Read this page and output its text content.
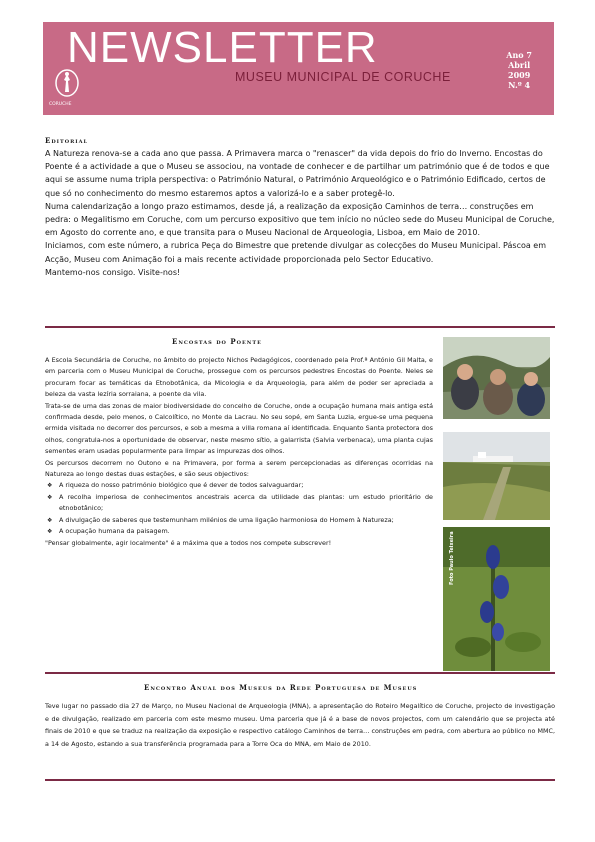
NEWSLETTER
MUSEU MUNICIPAL DE CORUCHE
Ano 7
Abril
2009
N.º 4
CORUCHE
Editorial

A Natureza renova-se a cada ano que passa. A Primavera marca o "renascer" da vida depois do frio do Inverno. Encostas do Poente é a actividade a que o Museu se associou, na vontade de conhecer e de partilhar um património que é de todos e que aqui se assume numa tripla perspectiva: o Património Natural, o Património Arqueológico e o Património Edificado, certos de que só no conhecimento do mesmo estaremos aptos a valorizá-lo e a saber protegê-lo.

Numa calendarização a longo prazo estimamos, desde já, a realização da exposição Caminhos de terra… construções em pedra: o Megalitismo em Coruche, com um percurso expositivo que tem início no núcleo sede do Museu Municipal de Coruche, em Agosto do corrente ano, e que transita para o Museu Nacional de Arqueologia, Lisboa, em Maio de 2010.

Iniciamos, com este número, a rubrica Peça do Bimestre que pretende divulgar as colecções do Museu Municipal. Páscoa em Acção, Museu com Animação foi a mais recente actividade proporcionada pelo Sector Educativo.

Mantemo-nos consigo. Visite-nos!

Encostas do Poente

A Escola Secundária de Coruche, no âmbito do projecto Nichos Pedagógicos, coordenado pela Prof.ª António Gil Malta, e em parceria com o Museu Municipal de Coruche, prossegue com os percursos pedestres Encostas do Poente. Neles se procuram focar as temáticas da Etnobotânica, da Micologia e da Arqueologia, para além de poder ser apreciada a beleza da vasta lezíria sorraiana, a poente da vila.

Trata-se de uma das zonas de maior biodiversidade do concelho de Coruche, onde a ocupação humana mais antiga está confirmada desde, pelo menos, o Calcolítico, no Monte da Lacrau. No seu sopé, em Santa Luzia, ergue-se uma pequena ermida visitada no decorrer dos percursos, e sob a mesma a villa romana aí identificada. Enquanto Santa protectora dos olhos, congratula-nos a oportunidade de observar, neste mesmo sítio, a galarrista (Salvia verbenaca), uma planta cujas sementes eram usadas popularmente para limpar as impurezas dos olhos.

Os percursos decorrem no Outono e na Primavera, por forma a serem percepcionadas as diferenças ocorridas na Natureza ao longo destas duas estações, e são seus objectivos:

❖ A riqueza do nosso património biológico que é dever de todos salvaguardar;
❖ A recolha imperiosa de conhecimentos ancestrais acerca da utilidade das plantas: um estudo prioritário de etnobotânico;
❖ A divulgação de saberes que testemunham milénios de uma ligação harmoniosa do Homem à Natureza;
❖ A ocupação humana da paisagem.

"Pensar globalmente, agir localmente" é a máxima que a todos nos compete subscrever!	Foto Paulo Teixeira
Encontro Anual dos Museus da Rede Portuguesa de Museus

Teve lugar no passado dia 27 de Março, no Museu Nacional de Arqueologia (MNA), a apresentação do Roteiro Megalítico de Coruche, projecto de investigação e de divulgação, realizado em parceria com este mesmo museu. Uma parceria que já é a base de novos projectos, com um calendário que se projecta até finais de 2010 e que se traduz na realização da exposição e respectivo catálogo Caminhos de terra… construções em pedra, com abertura ao público no MMC, a 14 de Agosto, estando a sua transferência programada para a Torre Oca do MNA, em Maio de 2010.
